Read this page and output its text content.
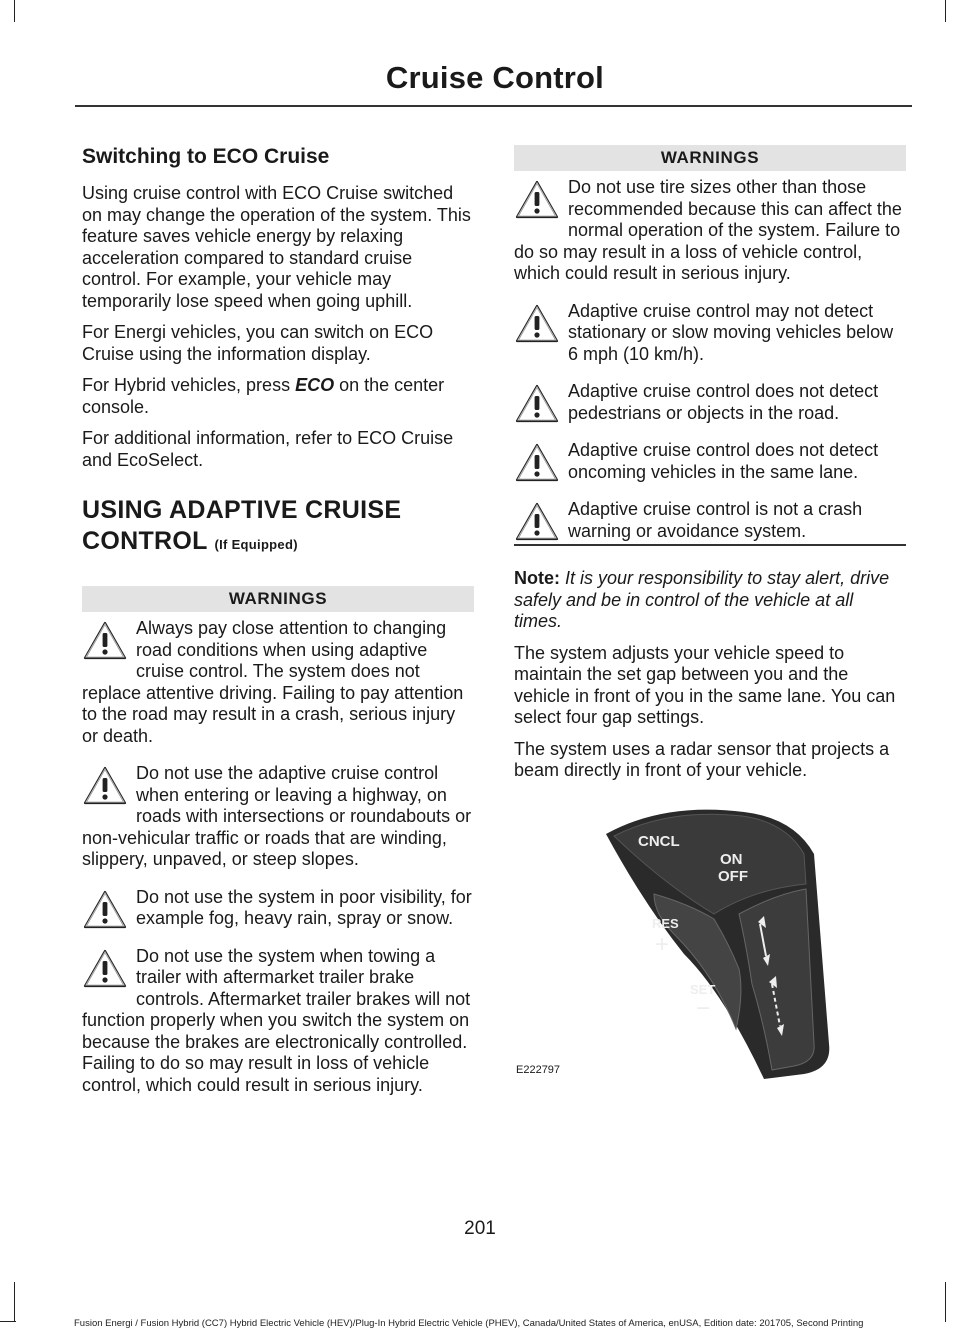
Cruise Control
Switching to ECO Cruise

Using cruise control with ECO Cruise switched on may change the operation of the system. This feature saves vehicle energy by relaxing acceleration compared to standard cruise control. For example, your vehicle may temporarily lose speed when going uphill.

For Energi vehicles, you can switch on ECO Cruise using the information display.

For Hybrid vehicles, press ECO on the center console.

For additional information, refer to ECO Cruise and EcoSelect.

USING ADAPTIVE CRUISE CONTROL (If Equipped)
WARNINGS
Always pay close attention to changing road conditions when using adaptive cruise control. The system does not replace attentive driving. Failing to pay attention to the road may result in a crash, serious injury or death.
Do not use the adaptive cruise control when entering or leaving a highway, on roads with intersections or roundabouts or non-vehicular traffic or roads that are winding, slippery, unpaved, or steep slopes.
Do not use the system in poor visibility, for example fog, heavy rain, spray or snow.
Do not use the system when towing a trailer with aftermarket trailer brake controls. Aftermarket trailer brakes will not function properly when you switch the system on because the brakes are electronically controlled. Failing to do so may result in loss of vehicle control, which could result in serious injury.
WARNINGS
Do not use tire sizes other than those recommended because this can affect the normal operation of the system. Failure to do so may result in a loss of vehicle control, which could result in serious injury.
Adaptive cruise control may not detect stationary or slow moving vehicles below 6 mph (10 km/h).
Adaptive cruise control does not detect pedestrians or objects in the road.
Adaptive cruise control does not detect oncoming vehicles in the same lane.
Adaptive cruise control is not a crash warning or avoidance system.

Note: It is your responsibility to stay alert, drive safely and be in control of the vehicle at all times.

The system adjusts your vehicle speed to maintain the set gap between you and the vehicle in front of you in the same lane. You can select four gap settings.

The system uses a radar sensor that projects a beam directly in front of your vehicle.

CNCL
ON
OFF
RES
+
SET
−
E222797
201
Fusion Energi / Fusion Hybrid (CC7) Hybrid Electric Vehicle (HEV)/Plug-In Hybrid Electric Vehicle (PHEV), Canada/United States of America, enUSA, Edition date: 201705, Second Printing
